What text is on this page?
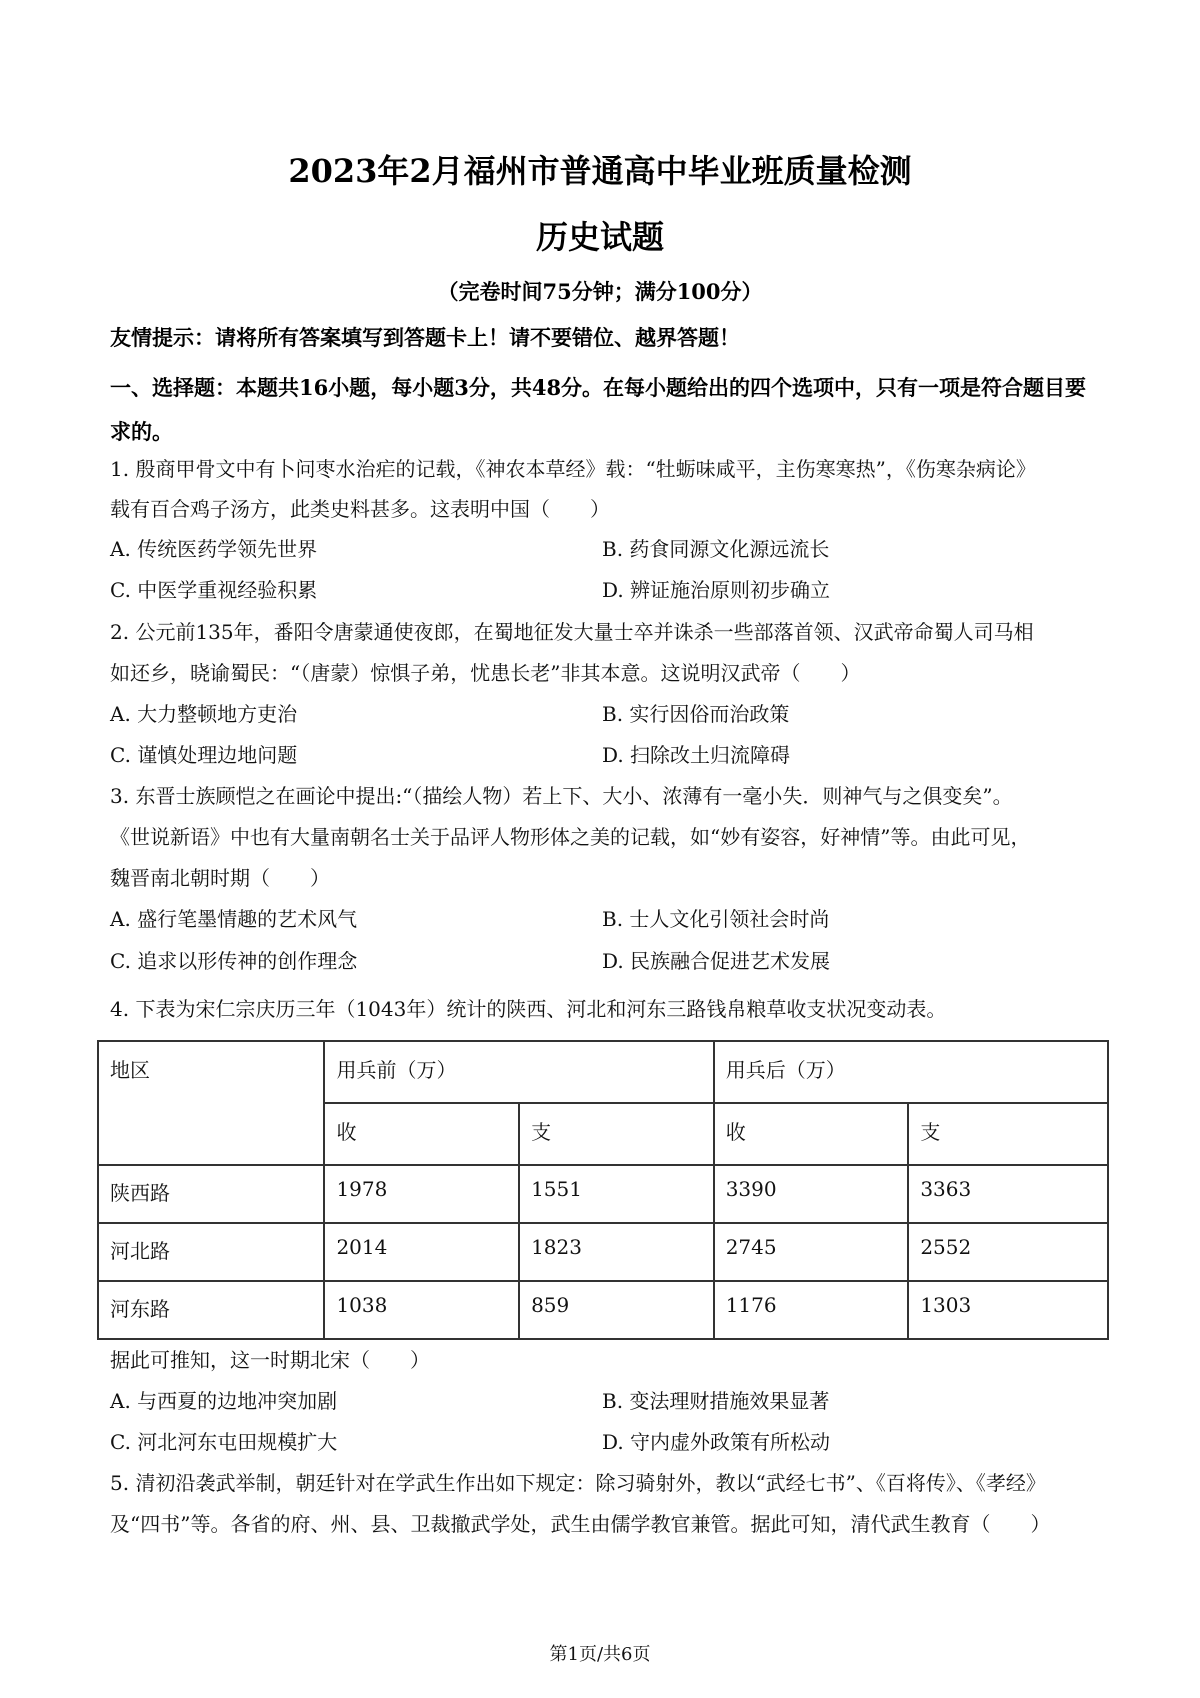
2023年2月福州市普通高中毕业班质量检测
历史试题
（完卷时间75分钟；满分100分）
友情提示：请将所有答案填写到答题卡上！请不要错位、越界答题！
一、选择题：本题共16小题，每小题3分，共48分。在每小题给出的四个选项中，只有一项是符合题目要求的。
1. 殷商甲骨文中有卜问枣水治疟的记载，《神农本草经》载：“牡蛎味咸平，主伤寒寒热”，《伤寒杂病论》
载有百合鸡子汤方，此类史料甚多。这表明中国（　　）
A. 传统医药学领先世界	B. 药食同源文化源远流长
C. 中医学重视经验积累	D. 辨证施治原则初步确立
2. 公元前135年，番阳令唐蒙通使夜郎，在蜀地征发大量士卒并诛杀一些部落首领、汉武帝命蜀人司马相
如还乡，晓谕蜀民：“（唐蒙）惊惧子弟，忧患长老”非其本意。这说明汉武帝（　　）
A. 大力整顿地方吏治	B. 实行因俗而治政策
C. 谨慎处理边地问题	D. 扫除改土归流障碍
3. 东晋士族顾恺之在画论中提出:“（描绘人物）若上下、大小、浓薄有一毫小失．则神气与之俱变矣”。
《世说新语》中也有大量南朝名士关于品评人物形体之美的记载，如“妙有姿容，好神情”等。由此可见，
魏晋南北朝时期（　　）
A. 盛行笔墨情趣的艺术风气	B. 士人文化引领社会时尚
C. 追求以形传神的创作理念	D. 民族融合促进艺术发展
4. 下表为宋仁宗庆历三年（1043年）统计的陕西、河北和河东三路钱帛粮草收支状况变动表。
地区	用兵前（万）		用兵后（万）	
	收	支	收	支
陕西路	1978	1551	3390	3363
河北路	2014	1823	2745	2552
河东路	1038	859	1176	1303
据此可推知，这一时期北宋（　　）
A. 与西夏的边地冲突加剧	B. 变法理财措施效果显著
C. 河北河东屯田规模扩大	D. 守内虚外政策有所松动
5. 清初沿袭武举制，朝廷针对在学武生作出如下规定：除习骑射外，教以“武经七书”、《百将传》、《孝经》
及“四书”等。各省的府、州、县、卫裁撤武学处，武生由儒学教官兼管。据此可知，清代武生教育（　　）
第1页/共6页
